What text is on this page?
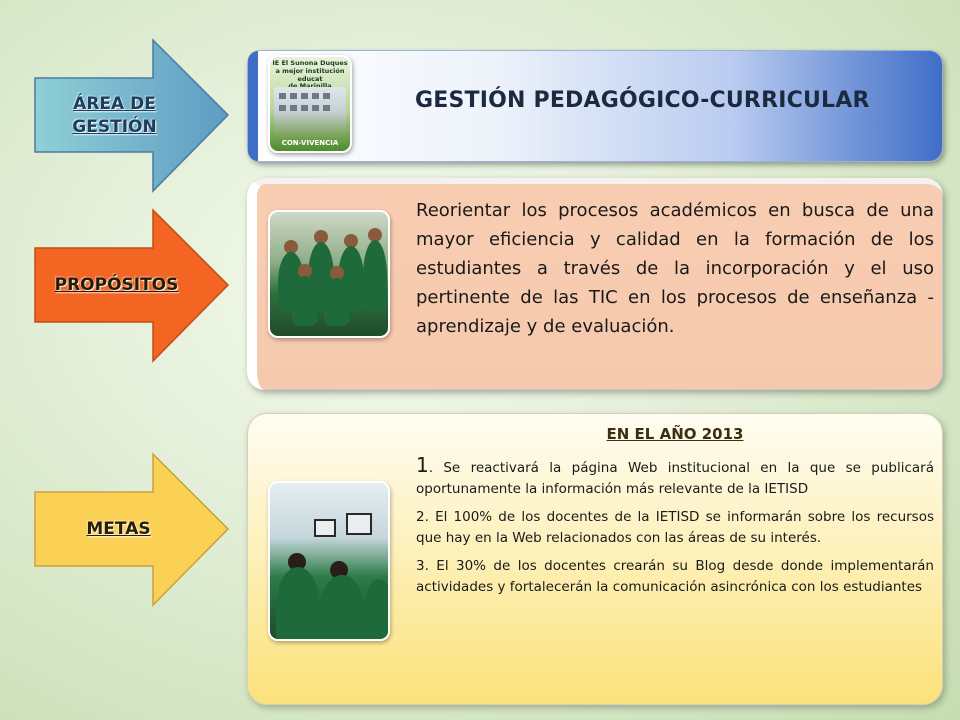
ÁREA DE
GESTIÓN
PROPÓSITOS
METAS
IE El Sunona Duques
a mejor institución educat
CON-VIVENCIA
GESTIÓN PEDAGÓGICO-CURRICULAR
Reorientar los procesos académicos en busca de una mayor eficiencia y calidad en la formación de los estudiantes a través de la incorporación y el uso pertinente de las TIC en los procesos de enseñanza - aprendizaje y de evaluación.
EN EL AÑO 2013
1. Se reactivará la página Web institucional en la que se publicará oportunamente la información más relevante de la IETISD
2. El 100% de los docentes de la IETISD se informarán sobre los recursos que hay en la Web relacionados con las áreas de su interés.
3. El 30% de los docentes crearán su Blog desde donde implementarán actividades y fortalecerán la comunicación asincrónica con los estudiantes
